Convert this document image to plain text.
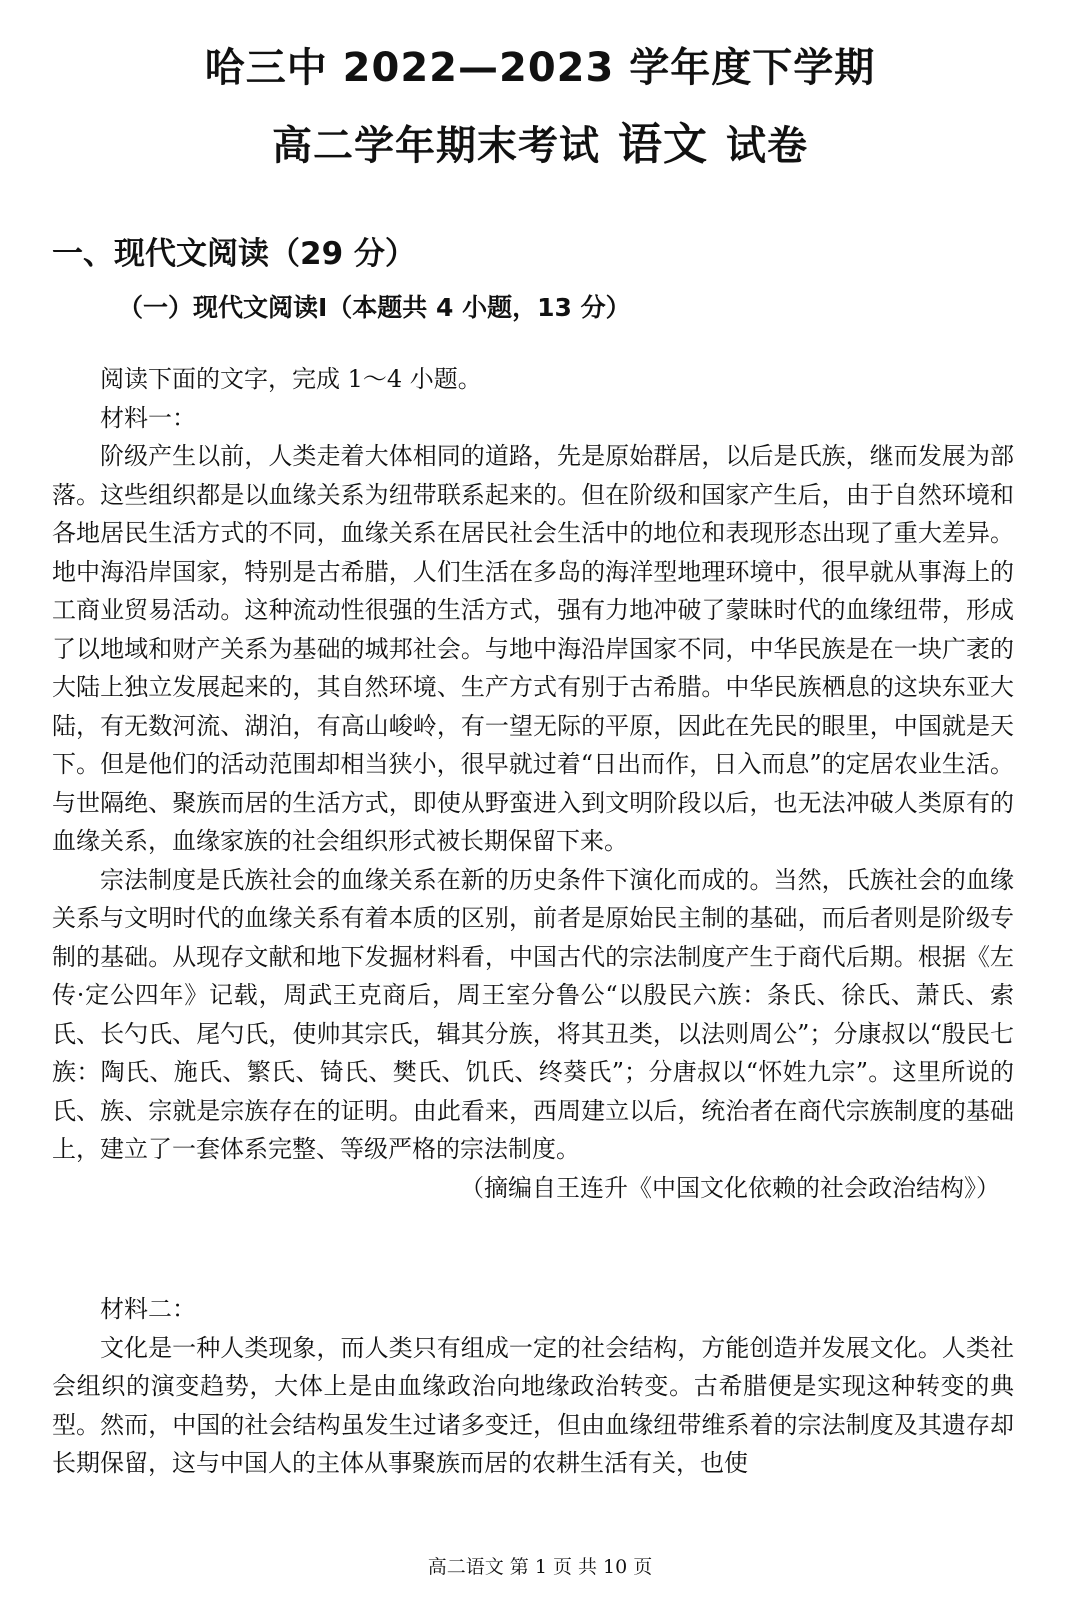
哈三中 2022—2023 学年度下学期
高二学年期末考试 语文 试卷
一、现代文阅读（29 分）
（一）现代文阅读Ⅰ（本题共 4 小题，13 分）

阅读下面的文字，完成 1～4 小题。

材料一：

阶级产生以前，人类走着大体相同的道路，先是原始群居，以后是氏族，继而发展为部落。这些组织都是以血缘关系为纽带联系起来的。但在阶级和国家产生后，由于自然环境和各地居民生活方式的不同，血缘关系在居民社会生活中的地位和表现形态出现了重大差异。地中海沿岸国家，特别是古希腊，人们生活在多岛的海洋型地理环境中，很早就从事海上的工商业贸易活动。这种流动性很强的生活方式，强有力地冲破了蒙昧时代的血缘纽带，形成了以地域和财产关系为基础的城邦社会。与地中海沿岸国家不同，中华民族是在一块广袤的大陆上独立发展起来的，其自然环境、生产方式有别于古希腊。中华民族栖息的这块东亚大陆，有无数河流、湖泊，有高山峻岭，有一望无际的平原，因此在先民的眼里，中国就是天下。但是他们的活动范围却相当狭小，很早就过着“日出而作，日入而息”的定居农业生活。与世隔绝、聚族而居的生活方式，即使从野蛮进入到文明阶段以后，也无法冲破人类原有的血缘关系，血缘家族的社会组织形式被长期保留下来。

宗法制度是氏族社会的血缘关系在新的历史条件下演化而成的。当然，氏族社会的血缘关系与文明时代的血缘关系有着本质的区别，前者是原始民主制的基础，而后者则是阶级专制的基础。从现存文献和地下发掘材料看，中国古代的宗法制度产生于商代后期。根据《左传·定公四年》记载，周武王克商后，周王室分鲁公“以殷民六族：条氏、徐氏、萧氏、索氏、长勺氏、尾勺氏，使帅其宗氏，辑其分族，将其丑类，以法则周公”；分康叔以“殷民七族：陶氏、施氏、繁氏、锜氏、樊氏、饥氏、终葵氏”；分唐叔以“怀姓九宗”。这里所说的氏、族、宗就是宗族存在的证明。由此看来，西周建立以后，统治者在商代宗族制度的基础上，建立了一套体系完整、等级严格的宗法制度。

（摘编自王连升《中国文化依赖的社会政治结构》）

材料二：

文化是一种人类现象，而人类只有组成一定的社会结构，方能创造并发展文化。人类社会组织的演变趋势，大体上是由血缘政治向地缘政治转变。古希腊便是实现这种转变的典型。然而，中国的社会结构虽发生过诸多变迁，但由血缘纽带维系着的宗法制度及其遗存却长期保留，这与中国人的主体从事聚族而居的农耕生活有关，也使

高二语文 第 1 页 共 10 页
